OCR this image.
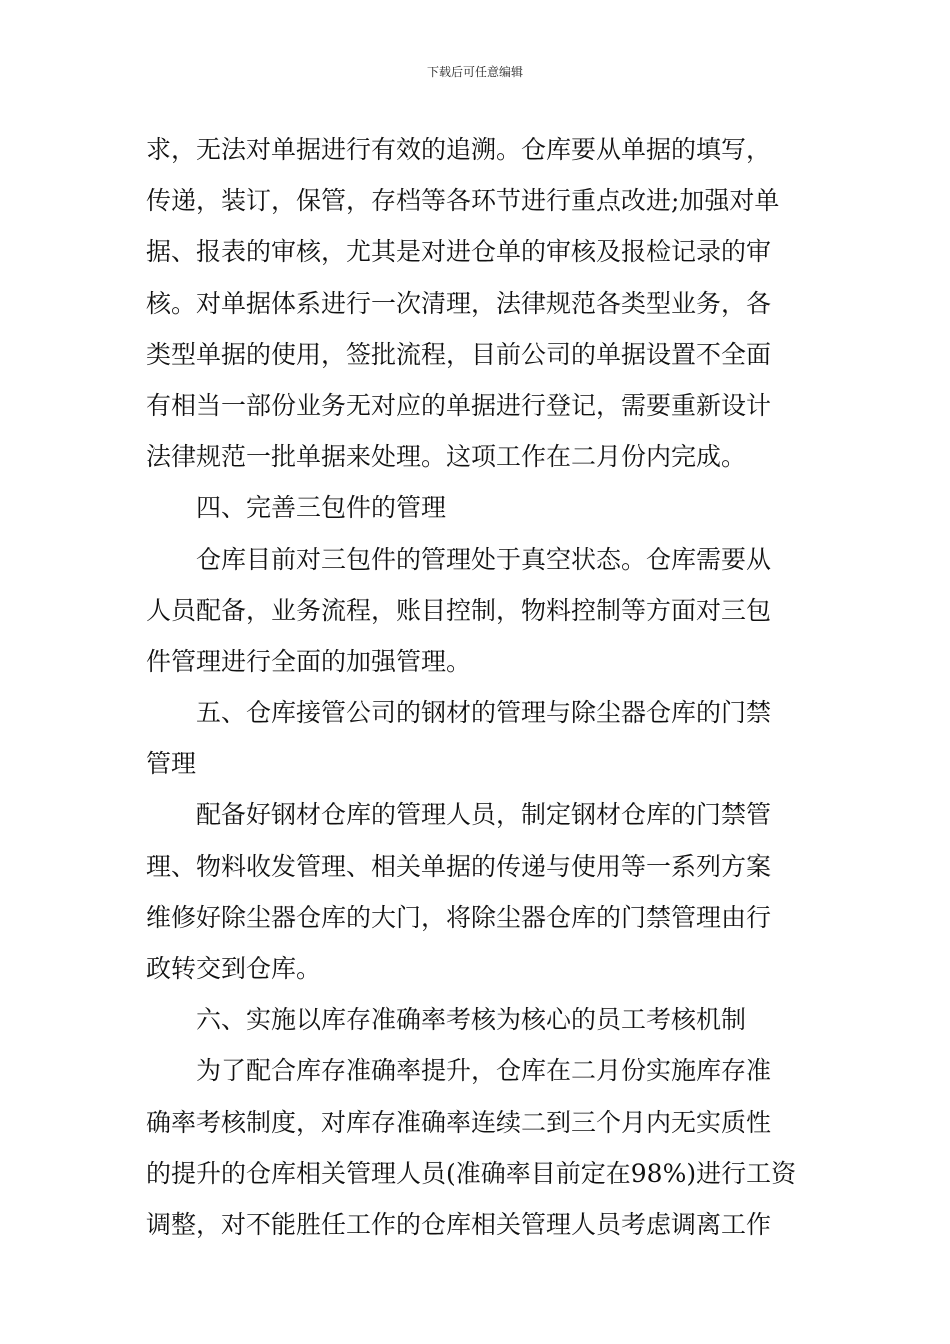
下载后可任意编辑
求，无法对单据进行有效的追溯。仓库要从单据的填写，
传递，装订，保管，存档等各环节进行重点改进;加强对单
据、报表的审核，尤其是对进仓单的审核及报检记录的审
核。对单据体系进行一次清理，法律规范各类型业务，各
类型单据的使用，签批流程，目前公司的单据设置不全面
有相当一部份业务无对应的单据进行登记，需要重新设计
法律规范一批单据来处理。这项工作在二月份内完成。
四、完善三包件的管理
仓库目前对三包件的管理处于真空状态。仓库需要从
人员配备，业务流程，账目控制，物料控制等方面对三包
件管理进行全面的加强管理。
五、仓库接管公司的钢材的管理与除尘器仓库的门禁
管理
配备好钢材仓库的管理人员，制定钢材仓库的门禁管
理、物料收发管理、相关单据的传递与使用等一系列方案
维修好除尘器仓库的大门，将除尘器仓库的门禁管理由行
政转交到仓库。
六、实施以库存准确率考核为核心的员工考核机制
为了配合库存准确率提升，仓库在二月份实施库存准
确率考核制度，对库存准确率连续二到三个月内无实质性
的提升的仓库相关管理人员(准确率目前定在98%)进行工资
调整，对不能胜任工作的仓库相关管理人员考虑调离工作
